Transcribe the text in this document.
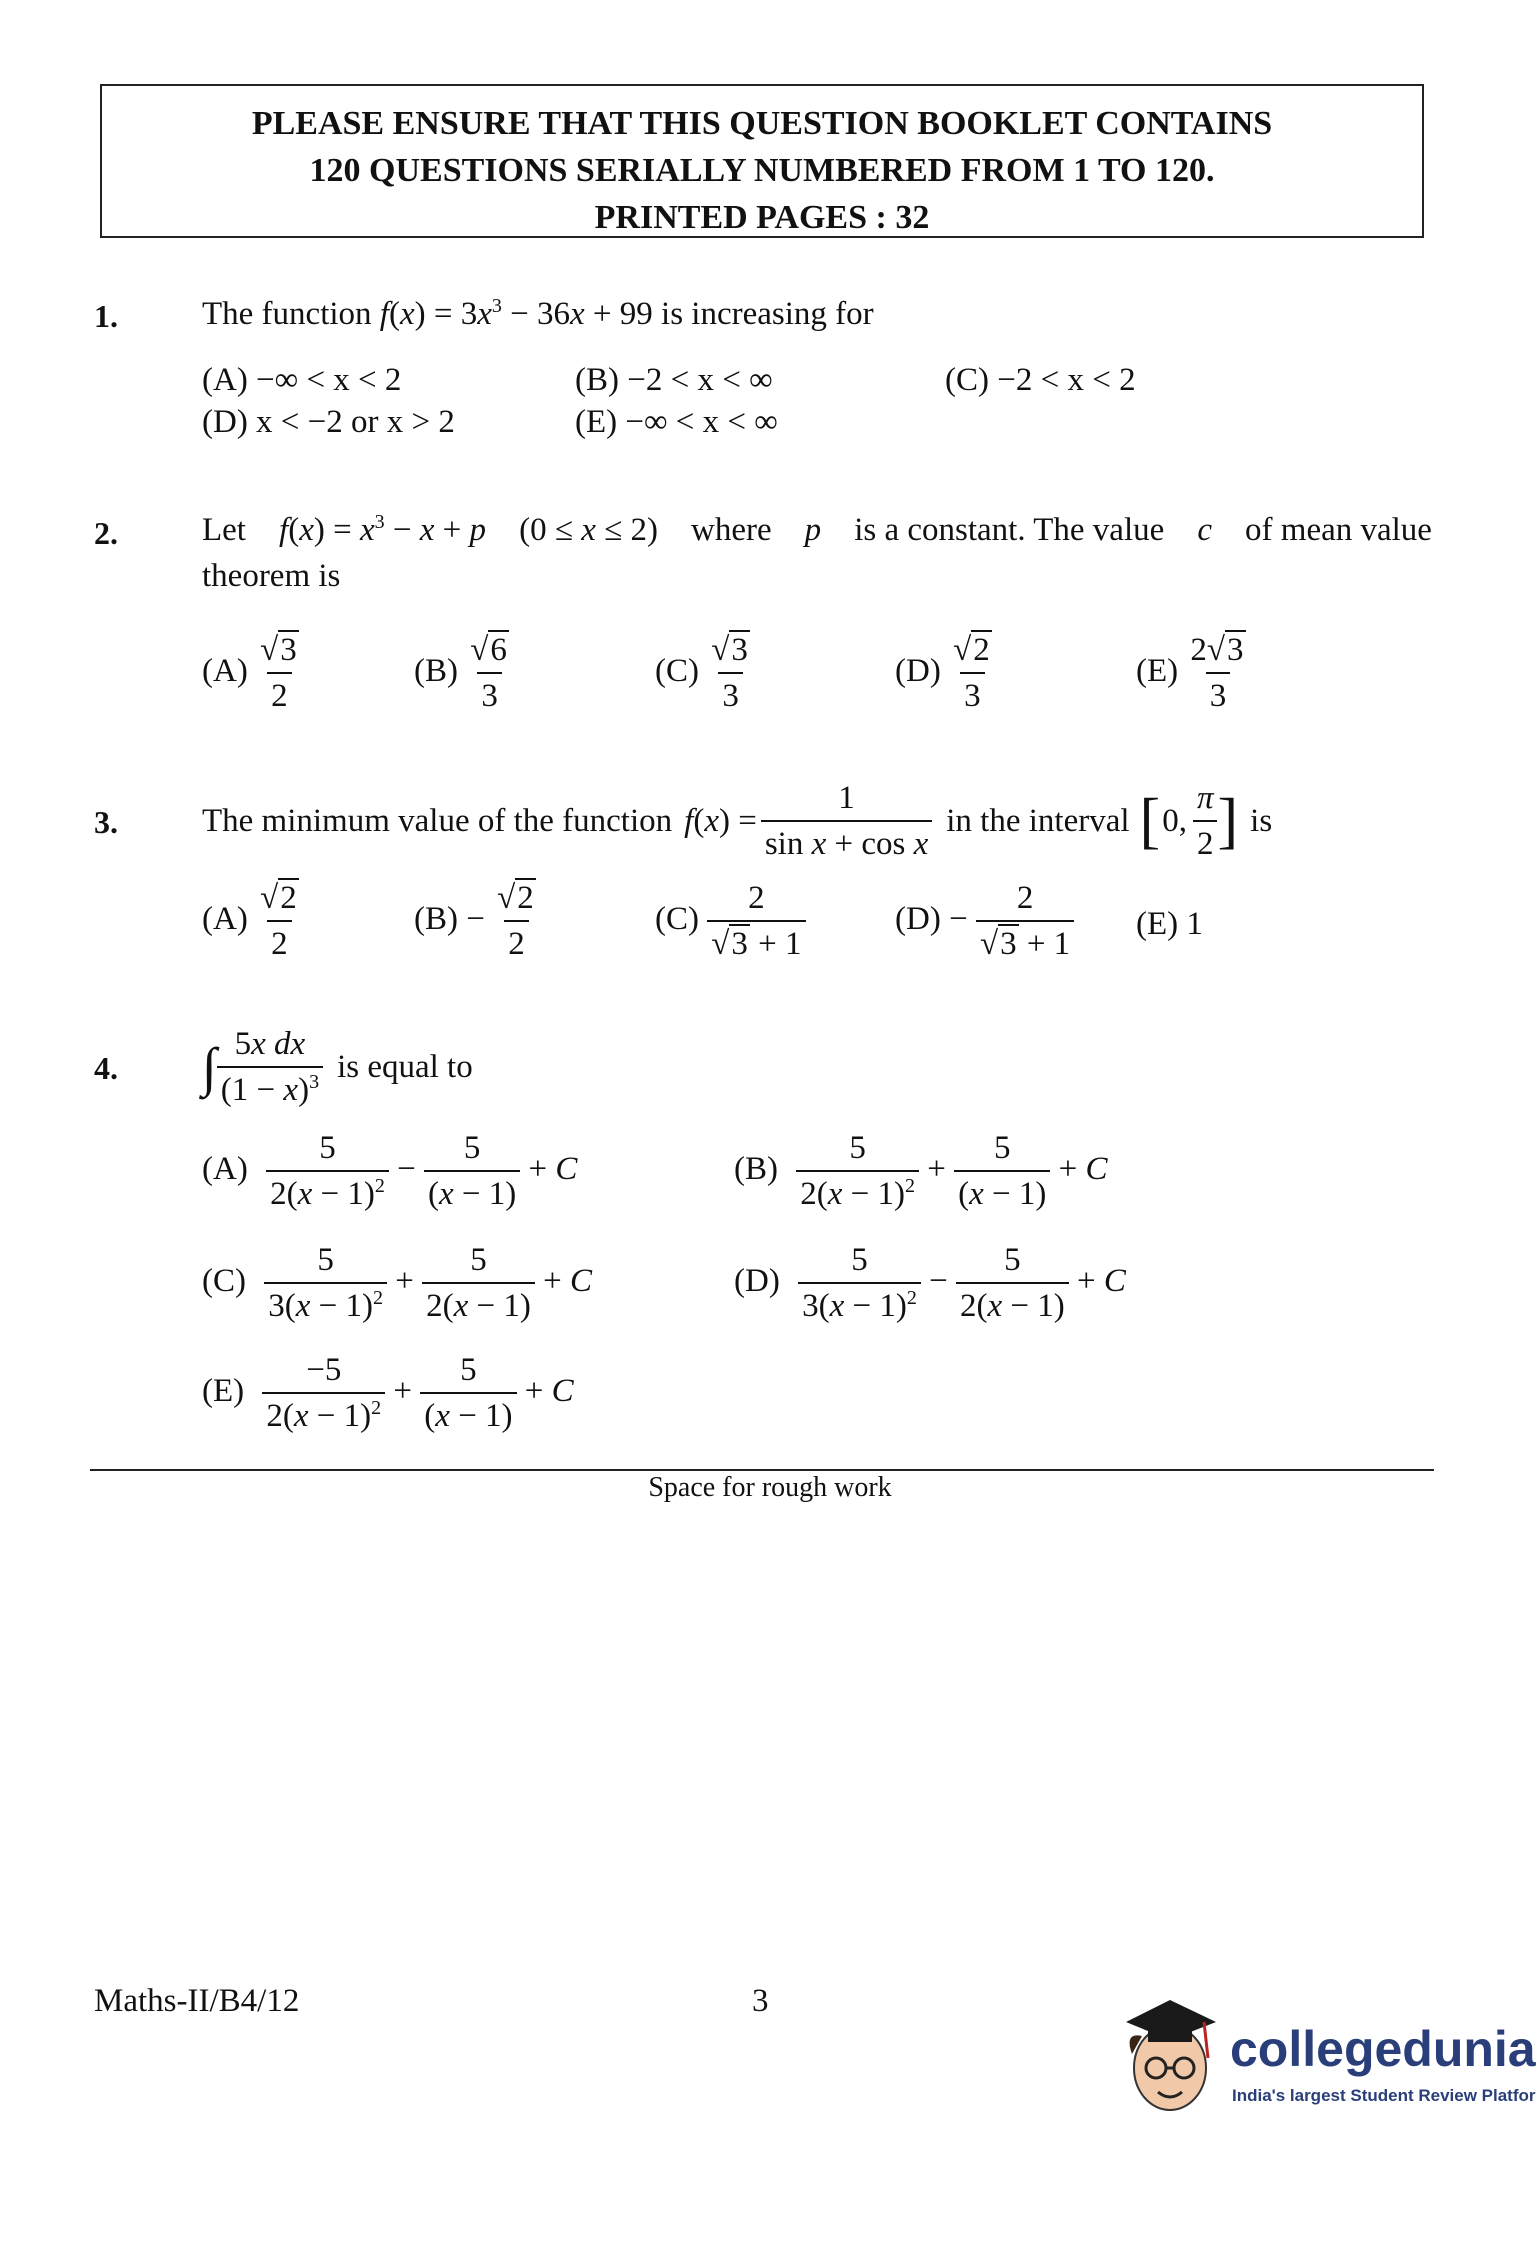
PLEASE ENSURE THAT THIS QUESTION BOOKLET CONTAINS
120 QUESTIONS SERIALLY NUMBERED FROM 1 TO 120.
PRINTED PAGES : 32
1.	The function $f(x) = 3x^3 - 36x + 99$ is increasing for
(A) −∞ < x < 2	(B) −2 < x < ∞	(C) −2 < x < 2
(D) x < −2 or x > 2	(E) −∞ < x < ∞
2.	Let $f(x) = x^3 - x + p$ (0 ≤ x ≤ 2) where p is a constant. The value c of mean value
theorem is
$(A) \frac{√3}{2}$	$(B) \frac{√6}{3}$	$(C) \frac{√3}{3}$	$(D) \frac{√2}{3}$	$(E) \frac{2√3}{3}$
3.	The minimum value of the function $f(x) = \frac{1}{\text{sin x + cos x}}$ in the interval [ 0, $\frac{\pi}{2}$ ] is
$(A) \frac{√2}{2}$	$(B) - \frac{√2}{2}$	$(C) \frac{2}{√3 + 1}$	$(D) - \frac{2}{√3 + 1} (E)$ 1
4. ∫ $\frac{\text{5x dx}}{(1 - x)^3}$ is equal to
$(A) \frac{5}{2(x - 1)^2} - \frac{5}{(x - 1)} + C$	$(B) \frac{5}{2(x - 1)^2} + \frac{5}{(x - 1)} + C$
$(C) \frac{5}{3(x - 1)^2} + \frac{5}{2(x - 1)} + C$	$(D) \frac{5}{3(x - 1)^2} - \frac{5}{2(x - 1)} + C$
$(E) \frac{-5}{2(x - 1)^2} + \frac{5}{(x - 1)} + C$
Space for rough work
Maths-II/B4/12	3
collegedunia
India's largest Student Review Platfor
